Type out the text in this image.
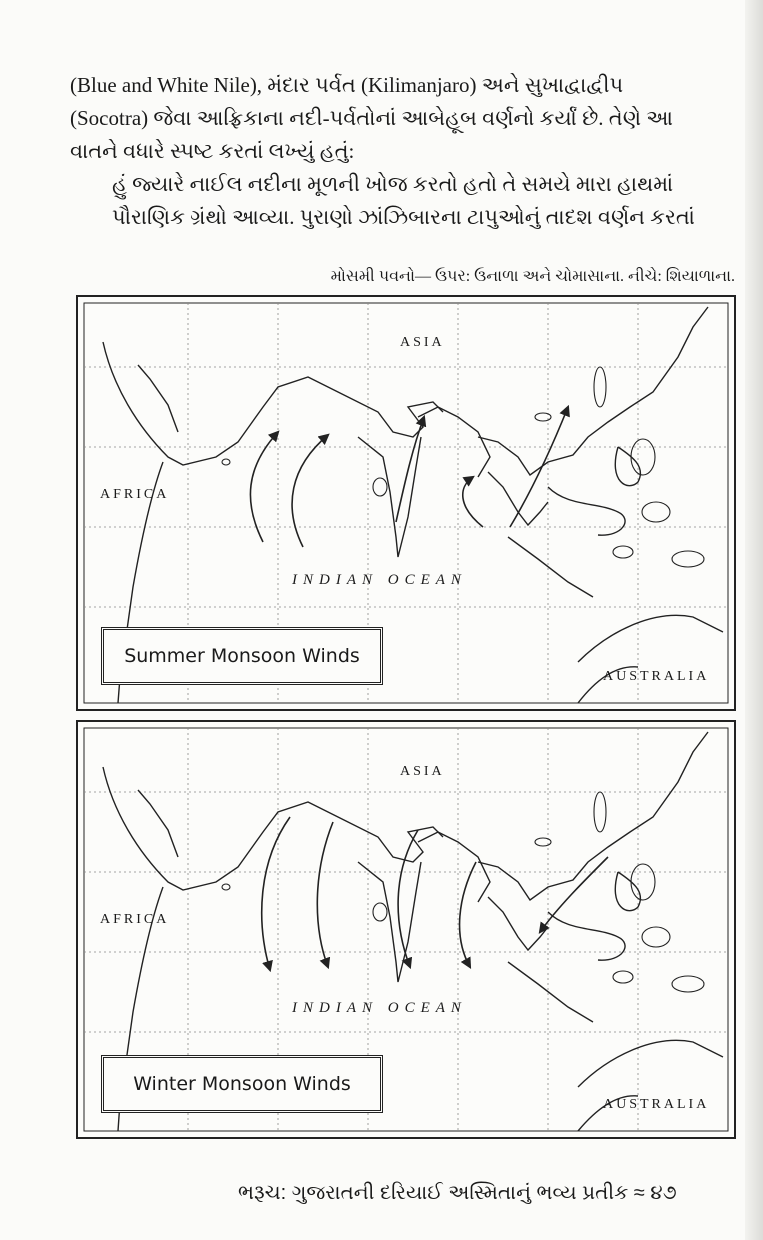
(Blue and White Nile), મંદાર પર્વત (Kilimanjaro) અને સુખાદ્વાદ્વીપ

(Socotra) જેવા આફ્રિકાના નદી-પર્વતોનાં આબેહૂબ વર્ણનો કર્યાં છે. તેણે આ

વાતને વધારે સ્પષ્ટ કરતાં લખ્યું હતું:

હું જ્યારે નાઈલ નદીના મૂળની ખોજ કરતો હતો તે સમયે મારા હાથમાં

પૌરાણિક ગ્રંથો આવ્યા. પુરાણો ઝાંઝિબારના ટાપુઓનું તાદશ વર્ણન કરતાં

મોસમી પવનો— ઉપર: ઉનાળા અને ચોમાસાના. નીચે: શિયાળાના.
ASIA
AFRICA
INDIAN OCEAN
AUSTRALIA
Summer Monsoon Winds
ASIA
AFRICA
INDIAN OCEAN
AUSTRALIA
Winter Monsoon Winds
ભરૂચ: ગુજરાતની દરિયાઈ અસ્મિતાનું ભવ્ય પ્રતીક ≈ ૪૭
